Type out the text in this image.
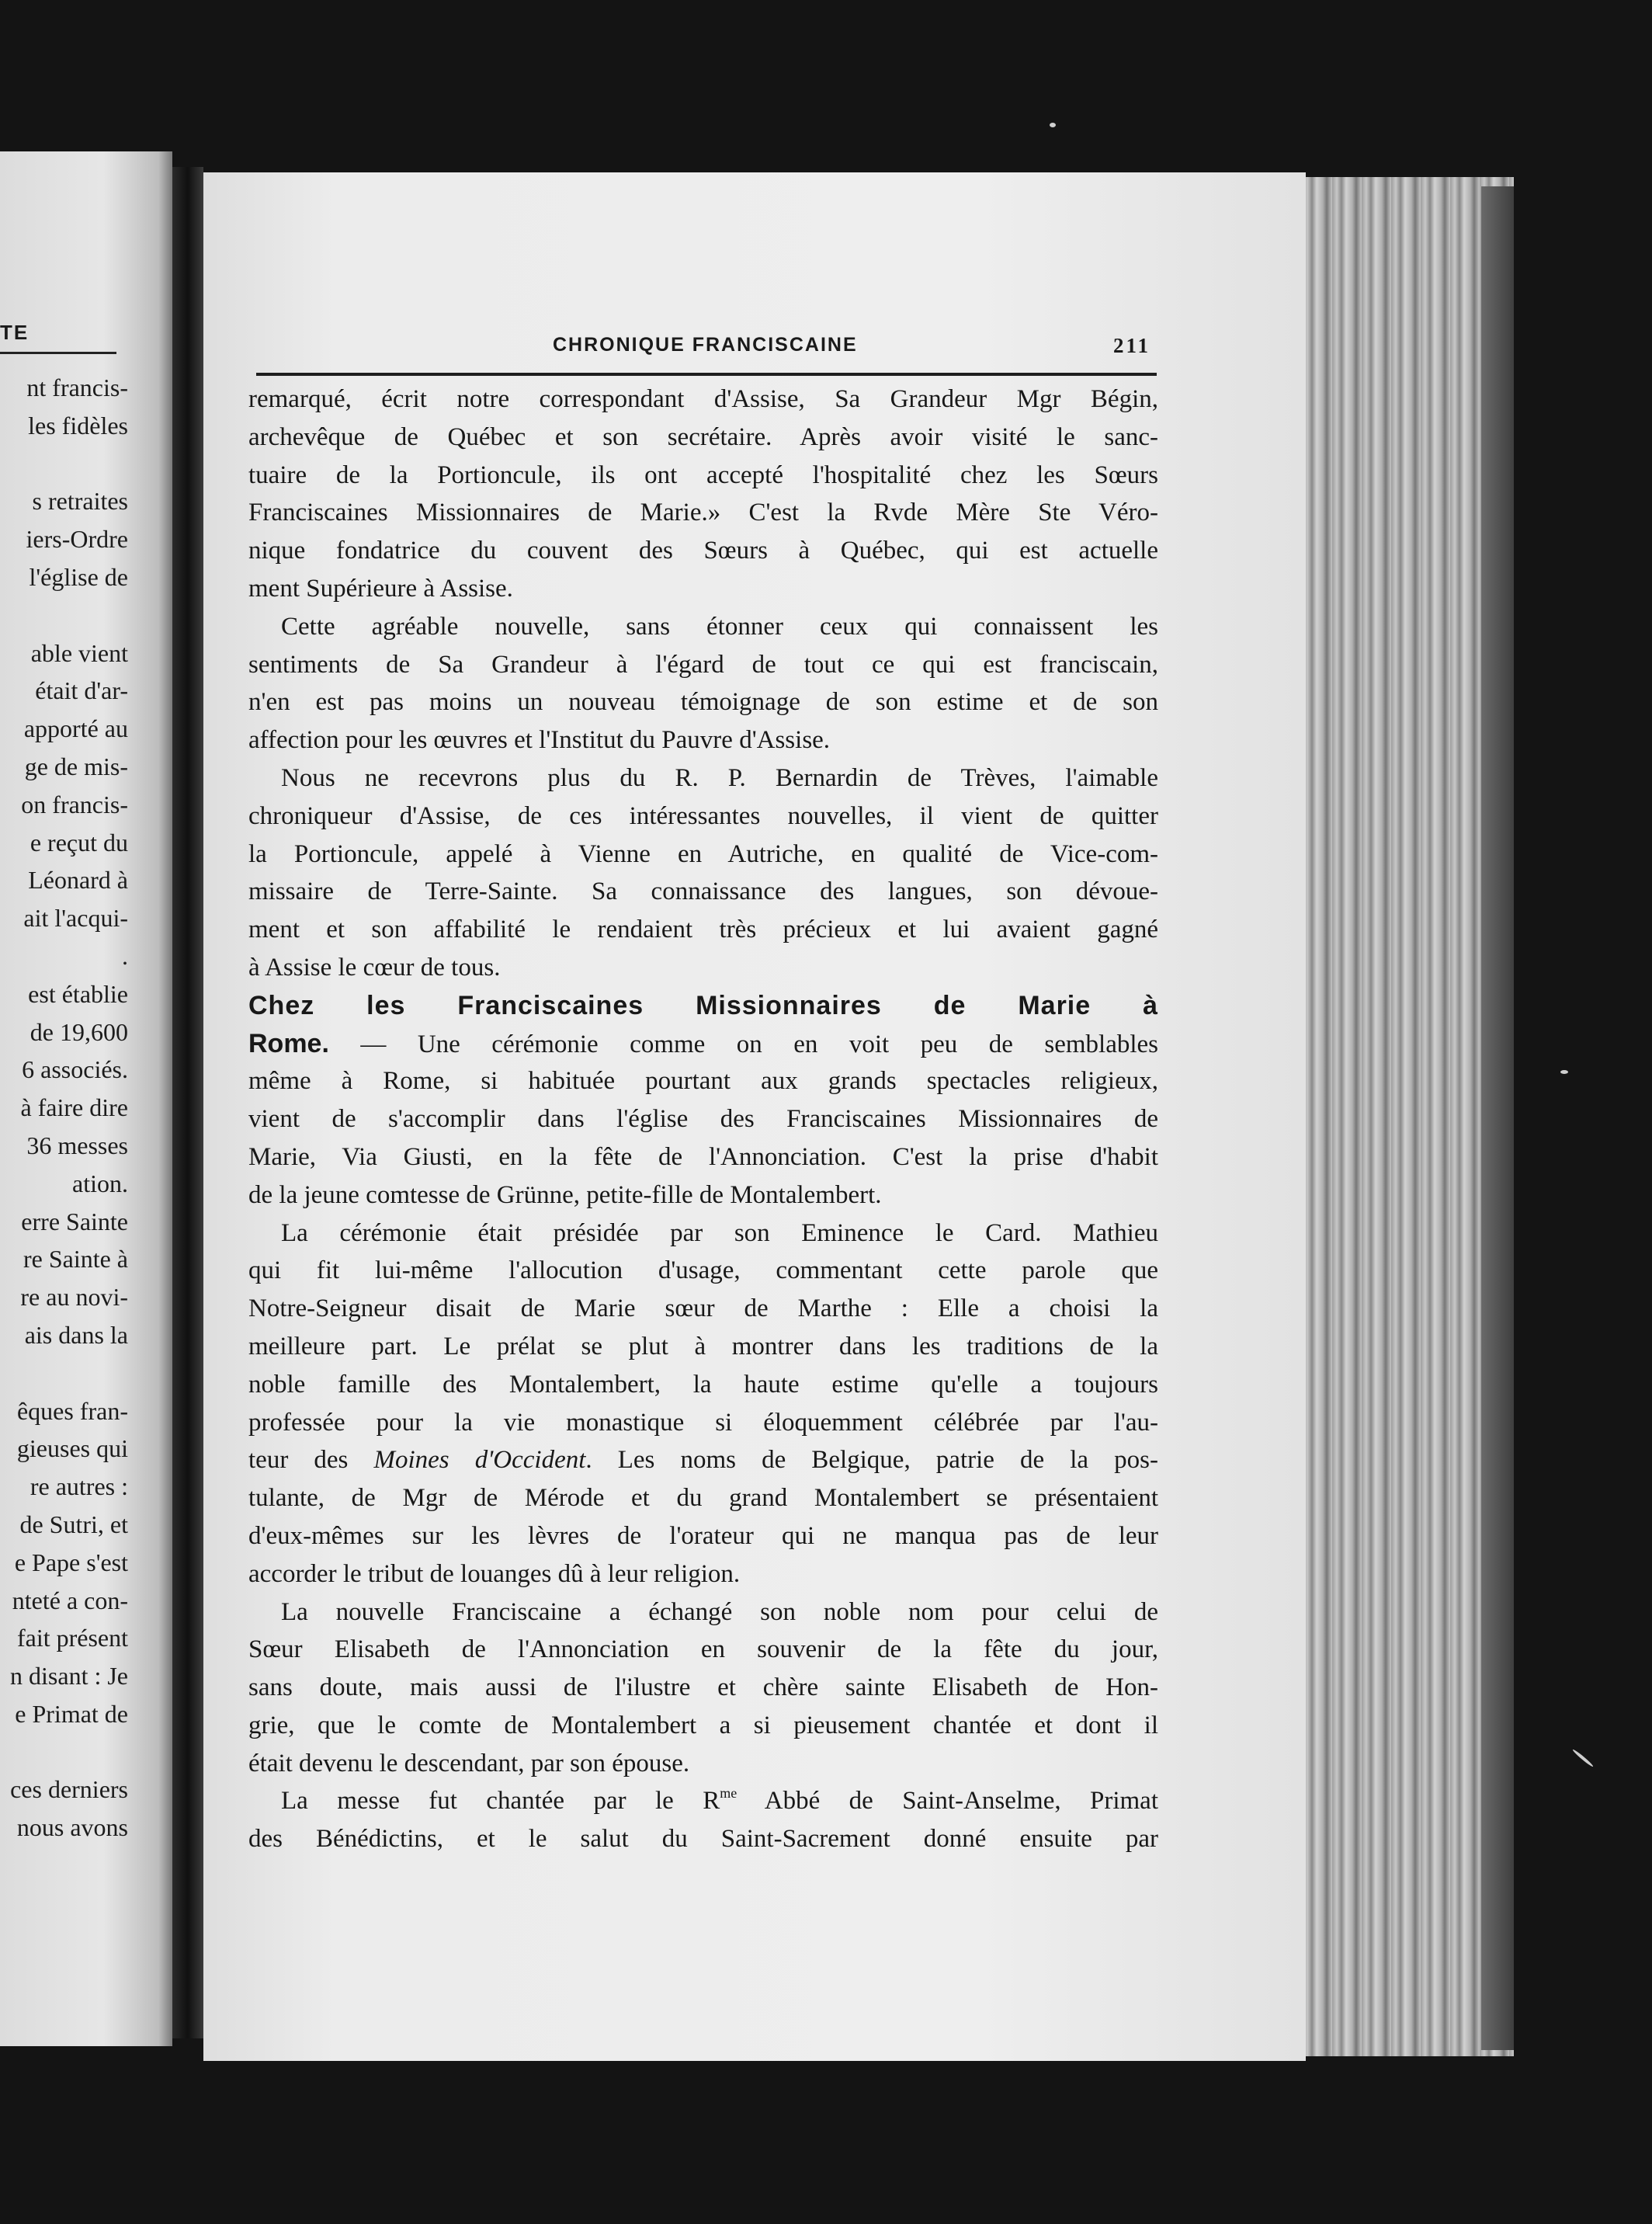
TE
nt francis-
les fidèles
s retraites
iers-Ordre
l'église de
able vient
était d'ar-
apporté au
ge de mis-
on francis-
e reçut du
Léonard à
ait l'acqui-
.
est établie
de 19,600
6 associés.
à faire dire
36 messes
ation.
erre Sainte
re Sainte à
re au novi-
ais dans la
êques fran-
gieuses qui
re autres :
de Sutri, et
e Pape s'est
nteté a con-
fait présent
n disant : Je
e Primat de
ces derniers
nous avons
CHRONIQUE FRANCISCAINE	211
remarqué, écrit notre correspondant d'Assise, Sa Grandeur Mgr Bégin,
archevêque de Québec et son secrétaire. Après avoir visité le sanc-
tuaire de la Portioncule, ils ont accepté l'hospitalité chez les Sœurs
Franciscaines Missionnaires de Marie.» C'est la Rvde Mère Ste Véro-
nique fondatrice du couvent des Sœurs à Québec, qui est actuelle
ment Supérieure à Assise.
Cette agréable nouvelle, sans étonner ceux qui connaissent les
sentiments de Sa Grandeur à l'égard de tout ce qui est franciscain,
n'en est pas moins un nouveau témoignage de son estime et de son
affection pour les œuvres et l'Institut du Pauvre d'Assise.
Nous ne recevrons plus du R. P. Bernardin de Trèves, l'aimable
chroniqueur d'Assise, de ces intéressantes nouvelles, il vient de quitter
la Portioncule, appelé à Vienne en Autriche, en qualité de Vice-com-
missaire de Terre-Sainte. Sa connaissance des langues, son dévoue-
ment et son affabilité le rendaient très précieux et lui avaient gagné
à Assise le cœur de tous.
Chez les Franciscaines Missionnaires de Marie à
Rome. — Une cérémonie comme on en voit peu de semblables
même à Rome, si habituée pourtant aux grands spectacles religieux,
vient de s'accomplir dans l'église des Franciscaines Missionnaires de
Marie, Via Giusti, en la fête de l'Annonciation. C'est la prise d'habit
de la jeune comtesse de Grünne, petite-fille de Montalembert.
La cérémonie était présidée par son Eminence le Card. Mathieu
qui fit lui-même l'allocution d'usage, commentant cette parole que
Notre-Seigneur disait de Marie sœur de Marthe : Elle a choisi la
meilleure part. Le prélat se plut à montrer dans les traditions de la
noble famille des Montalembert, la haute estime qu'elle a toujours
professée pour la vie monastique si éloquemment célébrée par l'au-
teur des Moines d'Occident. Les noms de Belgique, patrie de la pos-
tulante, de Mgr de Mérode et du grand Montalembert se présentaient
d'eux-mêmes sur les lèvres de l'orateur qui ne manqua pas de leur
accorder le tribut de louanges dû à leur religion.
La nouvelle Franciscaine a échangé son noble nom pour celui de
Sœur Elisabeth de l'Annonciation en souvenir de la fête du jour,
sans doute, mais aussi de l'ilustre et chère sainte Elisabeth de Hon-
grie, que le comte de Montalembert a si pieusement chantée et dont il
était devenu le descendant, par son épouse.
La messe fut chantée par le $R^{me}$ Abbé de Saint-Anselme, Primat
des Bénédictins, et le salut du Saint-Sacrement donné ensuite par
